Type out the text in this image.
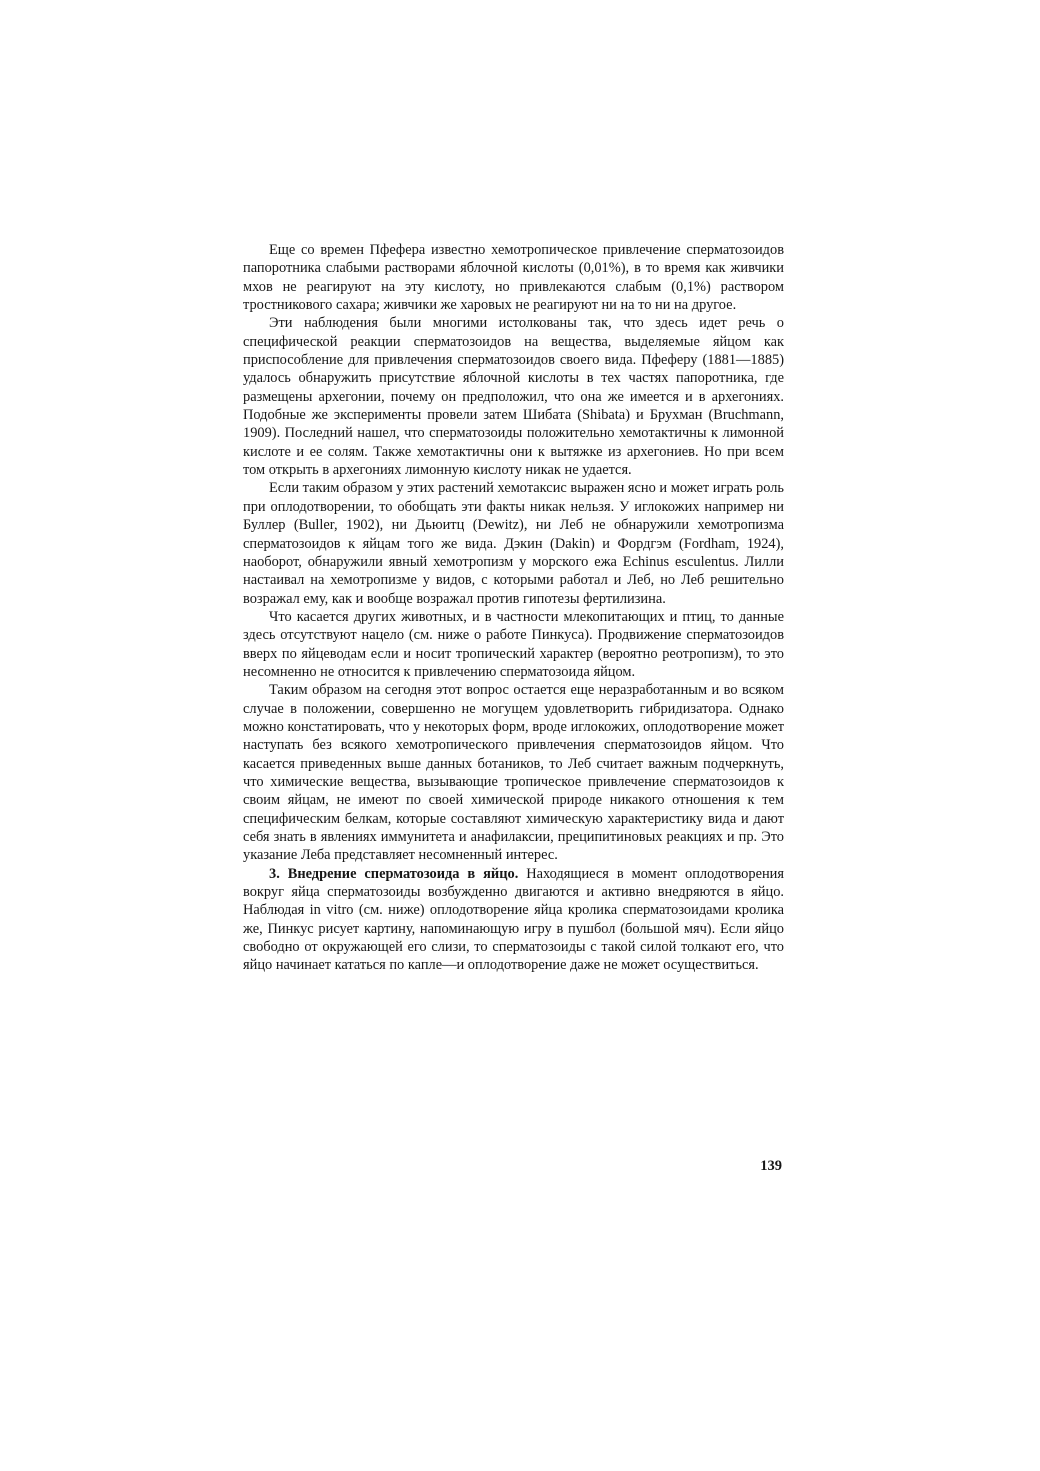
Еще со времен Пфефера известно хемотропическое привлечение сперматозоидов папоротника слабыми растворами яблочной кислоты (0,01%), в то время как живчики мхов не реагируют на эту кислоту, но привлекаются слабым (0,1%) раствором тростникового сахара; живчики же харовых не реагируют ни на то ни на другое.

Эти наблюдения были многими истолкованы так, что здесь идет речь о специфической реакции сперматозоидов на вещества, выделяемые яйцом как приспособление для привлечения сперматозоидов своего вида. Пфеферу (1881—1885) удалось обнаружить присутствие яблочной кислоты в тех частях папоротника, где размещены архегонии, почему он предположил, что она же имеется и в архегониях. Подобные же эксперименты провели затем Шибата (Shibata) и Брухман (Bruchmann, 1909). Последний нашел, что сперматозоиды положительно хемотактичны к лимонной кислоте и ее солям. Также хемотактичны они к вытяжке из архегониев. Но при всем том открыть в архегониях лимонную кислоту никак не удается.

Если таким образом у этих растений хемотаксис выражен ясно и может играть роль при оплодотворении, то обобщать эти факты никак нельзя. У иглокожих например ни Буллер (Buller, 1902), ни Дьюитц (Dewitz), ни Леб не обнаружили хемотропизма сперматозоидов к яйцам того же вида. Дэкин (Dakin) и Фордгэм (Fordham, 1924), наоборот, обнаружили явный хемотропизм у морского ежа Echinus esculentus. Лилли настаивал на хемотропизме у видов, с которыми работал и Леб, но Леб решительно возражал ему, как и вообще возражал против гипотезы фертилизина.

Что касается других животных, и в частности млекопитающих и птиц, то данные здесь отсутствуют нацело (см. ниже о работе Пинкуса). Продвижение сперматозоидов вверх по яйцеводам если и носит тропический характер (вероятно реотропизм), то это несомненно не относится к привлечению сперматозоида яйцом.

Таким образом на сегодня этот вопрос остается еще неразработанным и во всяком случае в положении, совершенно не могущем удовлетворить гибридизатора. Однако можно констатировать, что у некоторых форм, вроде иглокожих, оплодотворение может наступать без всякого хемотропического привлечения сперматозоидов яйцом. Что касается приведенных выше данных ботаников, то Леб считает важным подчеркнуть, что химические вещества, вызывающие тропическое привлечение сперматозоидов к своим яйцам, не имеют по своей химической природе никакого отношения к тем специфическим белкам, которые составляют химическую характеристику вида и дают себя знать в явлениях иммунитета и анафилаксии, преципитиновых реакциях и пр. Это указание Леба представляет несомненный интерес.

3. Внедрение сперматозоида в яйцо. Находящиеся в момент оплодотворения вокруг яйца сперматозоиды возбужденно двигаются и активно внедряются в яйцо. Наблюдая in vitro (см. ниже) оплодотворение яйца кролика сперматозоидами кролика же, Пинкус рисует картину, напоминающую игру в пушбол (большой мяч). Если яйцо свободно от окружающей его слизи, то сперматозоиды с такой силой толкают его, что яйцо начинает кататься по капле—и оплодотворение даже не может осуществиться.

139
